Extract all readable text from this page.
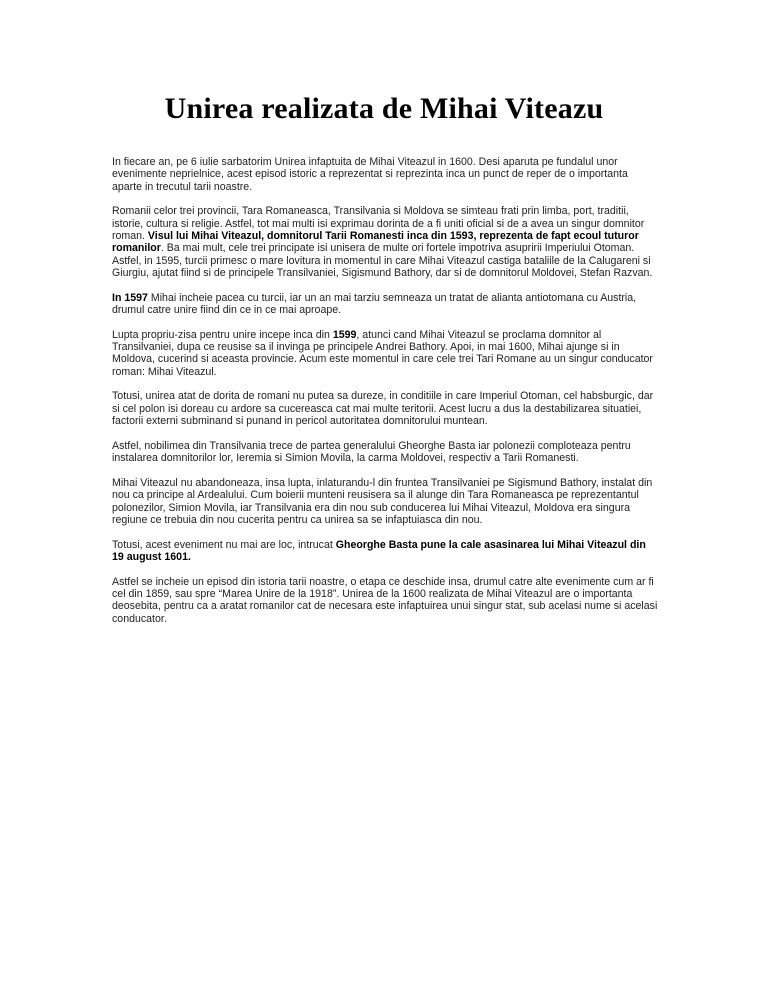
Unirea realizata de Mihai Viteazu

In fiecare an, pe 6 iulie sarbatorim Unirea infaptuita de Mihai Viteazul in 1600. Desi aparuta pe fundalul unor evenimente neprielnice, acest episod istoric a reprezentat si reprezinta inca un punct de reper de o importanta aparte in trecutul tarii noastre.

Romanii celor trei provincii, Tara Romaneasca, Transilvania si Moldova se simteau frati prin limba, port, traditii, istorie, cultura si religie. Astfel, tot mai multi isi exprimau dorinta de a fi uniti oficial si de a avea un singur domnitor roman. Visul lui Mihai Viteazul, domnitorul Tarii Romanesti inca din 1593, reprezenta de fapt ecoul tuturor romanilor. Ba mai mult, cele trei principate isi unisera de multe ori fortele impotriva asupririi Imperiului Otoman. Astfel, in 1595, turcii primesc o mare lovitura in momentul in care Mihai Viteazul castiga bataliile de la Calugareni si Giurgiu, ajutat fiind si de principele Transilvaniei, Sigismund Bathory, dar si de domnitorul Moldovei, Stefan Razvan.

In 1597 Mihai incheie pacea cu turcii, iar un an mai tarziu semneaza un tratat de alianta antiotomana cu Austria, drumul catre unire fiind din ce in ce mai aproape.

Lupta propriu-zisa pentru unire incepe inca din 1599, atunci cand Mihai Viteazul se proclama domnitor al Transilvaniei, dupa ce reusise sa il invinga pe principele Andrei Bathory. Apoi, in mai 1600, Mihai ajunge si in Moldova, cucerind si aceasta provincie. Acum este momentul in care cele trei Tari Romane au un singur conducator roman: Mihai Viteazul.

Totusi, unirea atat de dorita de romani nu putea sa dureze, in conditiile in care Imperiul Otoman, cel habsburgic, dar si cel polon isi doreau cu ardore sa cucereasca cat mai multe teritorii. Acest lucru a dus la destabilizarea situatiei, factorii externi subminand si punand in pericol autoritatea domnitorului muntean.

Astfel, nobilimea din Transilvania trece de partea generalului Gheorghe Basta iar polonezii comploteaza pentru instalarea domnitorilor lor, Ieremia si Simion Movila, la carma Moldovei, respectiv a Tarii Romanesti.

Mihai Viteazul nu abandoneaza, insa lupta, inlaturandu-l din fruntea Transilvaniei pe Sigismund Bathory, instalat din nou ca principe al Ardealului. Cum boierii munteni reusisera sa il alunge din Tara Romaneasca pe reprezentantul polonezilor, Simion Movila, iar Transilvania era din nou sub conducerea lui Mihai Viteazul, Moldova era singura regiune ce trebuia din nou cucerita pentru ca unirea sa se infaptuiasca din nou.

Totusi, acest eveniment nu mai are loc, intrucat Gheorghe Basta pune la cale asasinarea lui Mihai Viteazul din 19 august 1601.

Astfel se incheie un episod din istoria tarii noastre, o etapa ce deschide insa, drumul catre alte evenimente cum ar fi cel din 1859, sau spre “Marea Unire de la 1918”. Unirea de la 1600 realizata de Mihai Viteazul are o importanta deosebita, pentru ca a aratat romanilor cat de necesara este infaptuirea unui singur stat, sub acelasi nume si acelasi conducator.
